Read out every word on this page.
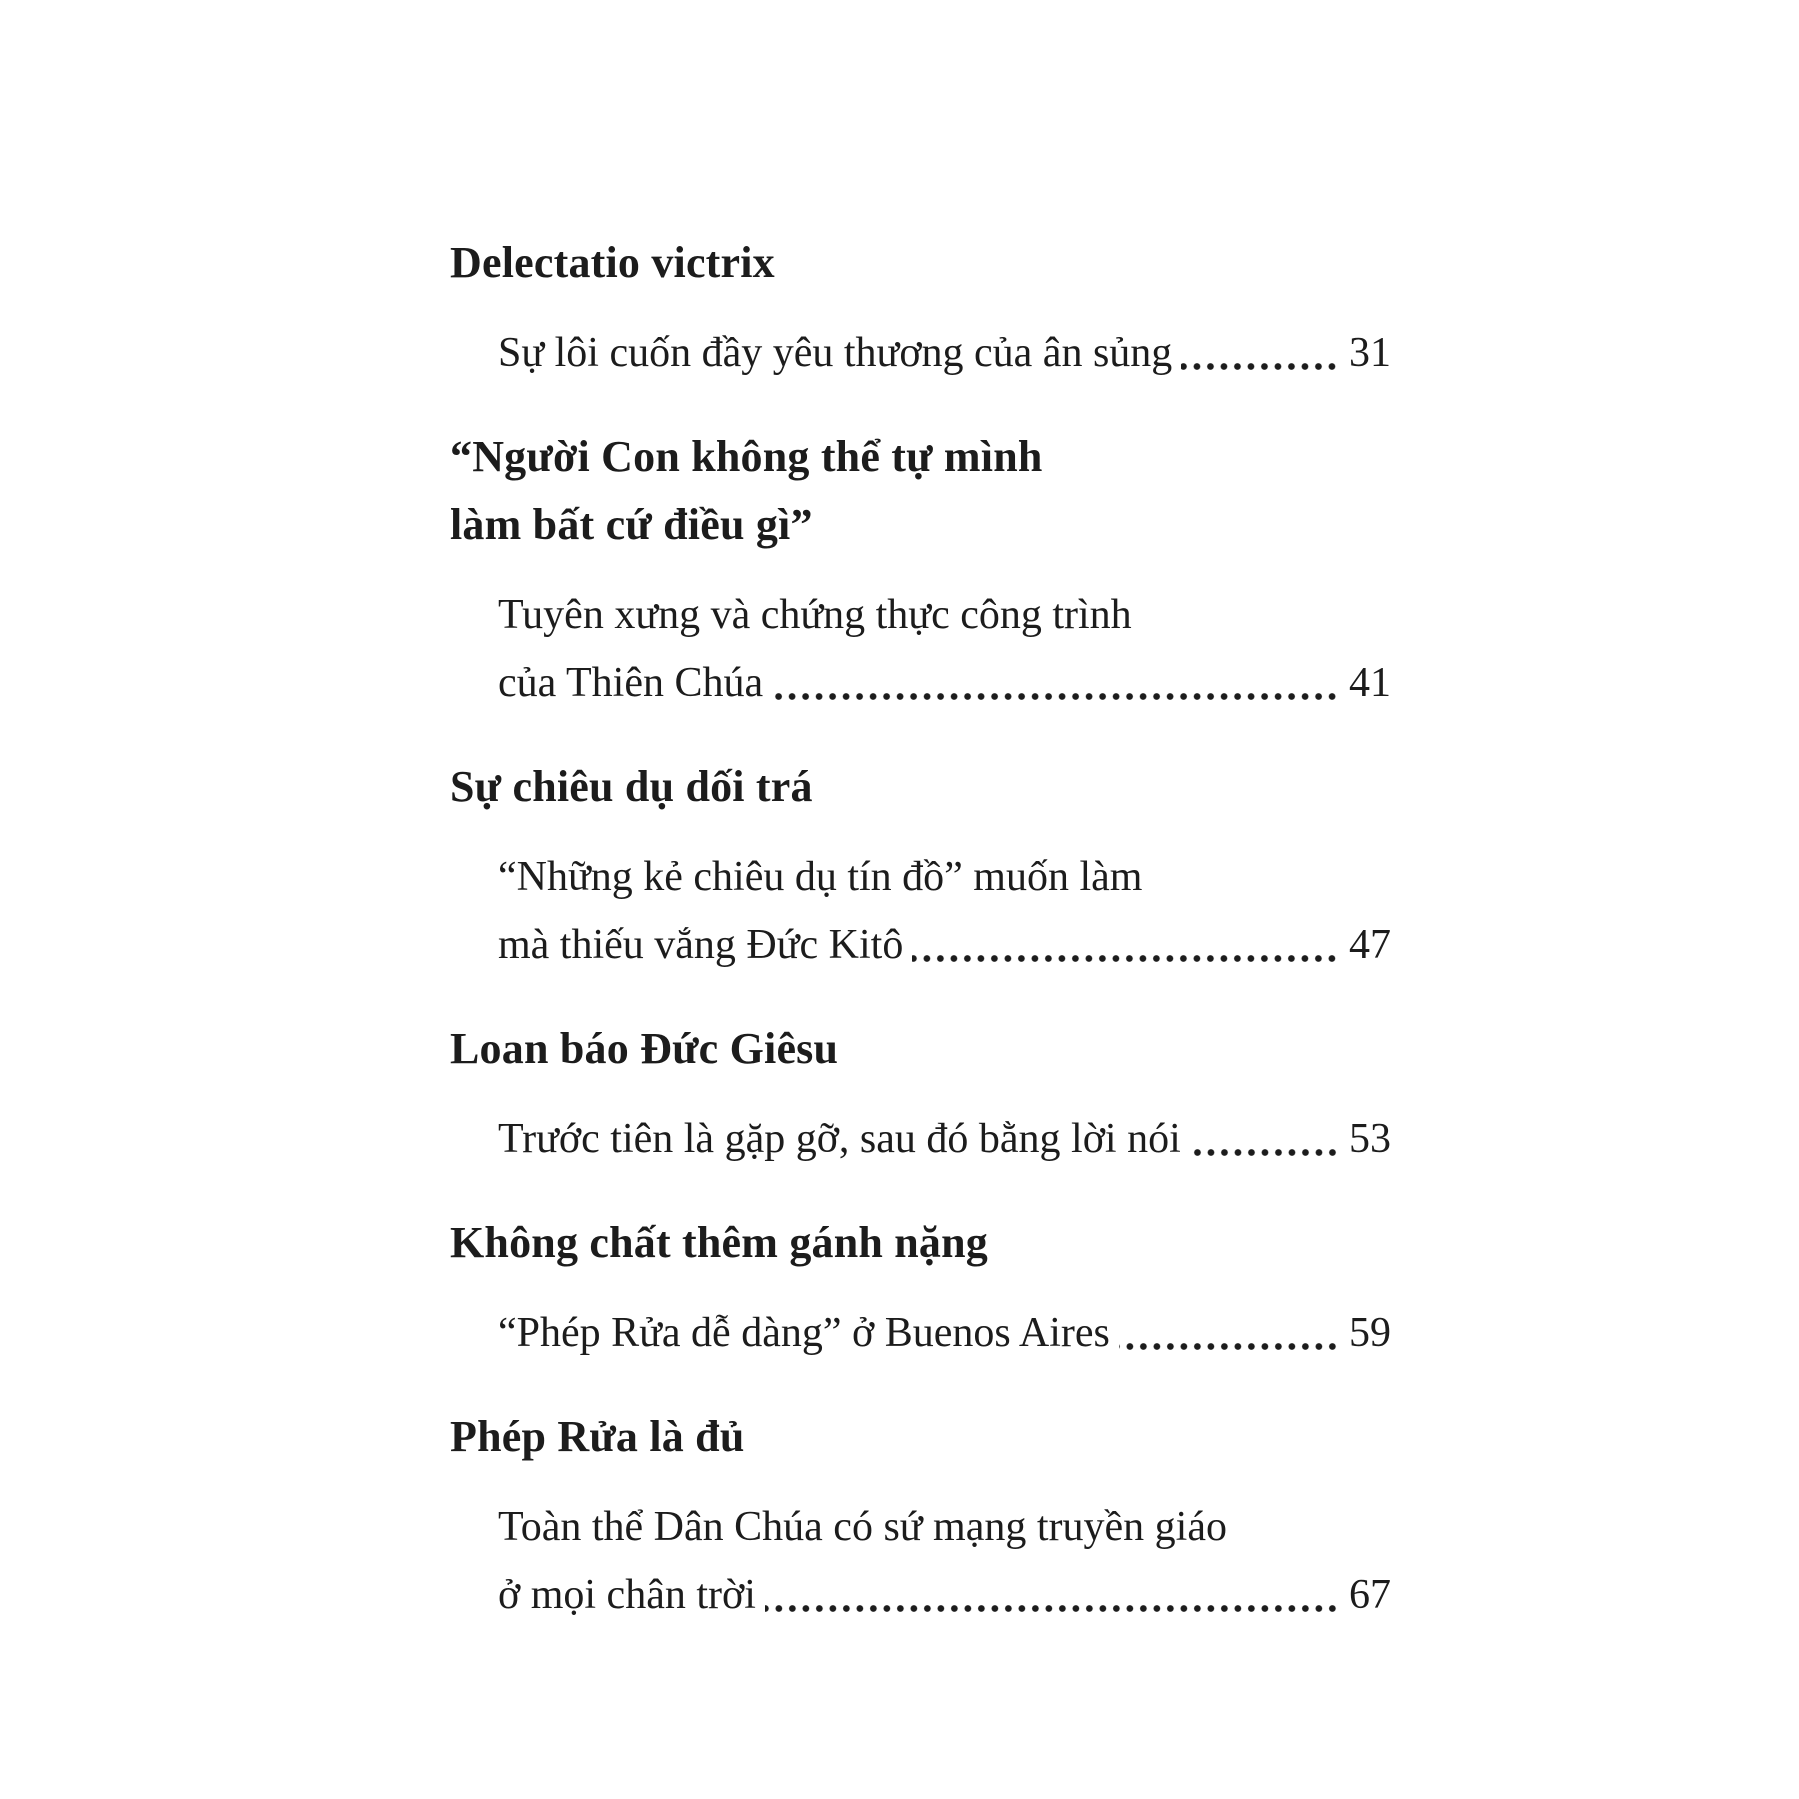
Delectatio victrix
Sự lôi cuốn đầy yêu thương của ân sủng	31
“Người Con không thể tự mình
làm bất cứ điều gì”
Tuyên xưng và chứng thực công trình
của Thiên Chúa	41
Sự chiêu dụ dối trá
“Những kẻ chiêu dụ tín đồ” muốn làm
mà thiếu vắng Đức Kitô	47
Loan báo Đức Giêsu
Trước tiên là gặp gỡ, sau đó bằng lời nói	53
Không chất thêm gánh nặng
“Phép Rửa dễ dàng” ở Buenos Aires	59
Phép Rửa là đủ
Toàn thể Dân Chúa có sứ mạng truyền giáo
ở mọi chân trời	67
